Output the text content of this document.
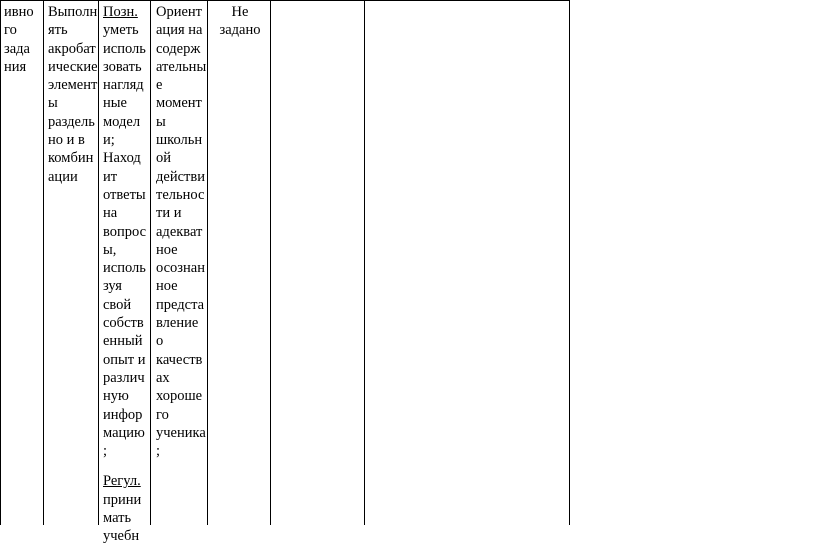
ивно
го
зада
ния
Выполн
ять
акробат
ические
элемент
ы
раздель
но и в
комбин
ации
Позн.
уметь
исполь
зовать
нагляд
ные
модел
и;
Наход
ит
ответы
на
вопрос
ы,
исполь
зуя
свой
собств
енный
опыт и
различ
ную
инфор
мацию
;
Регул.
прини
мать
учебн
Ориент
ация на
содерж
ательны
е
момент
ы
школьн
ой
действи
тельнос
ти и
адекват
ное
осознан
ное
предста
вление
о
качеств
ах
хороше
го
ученика
;
Не
задано
